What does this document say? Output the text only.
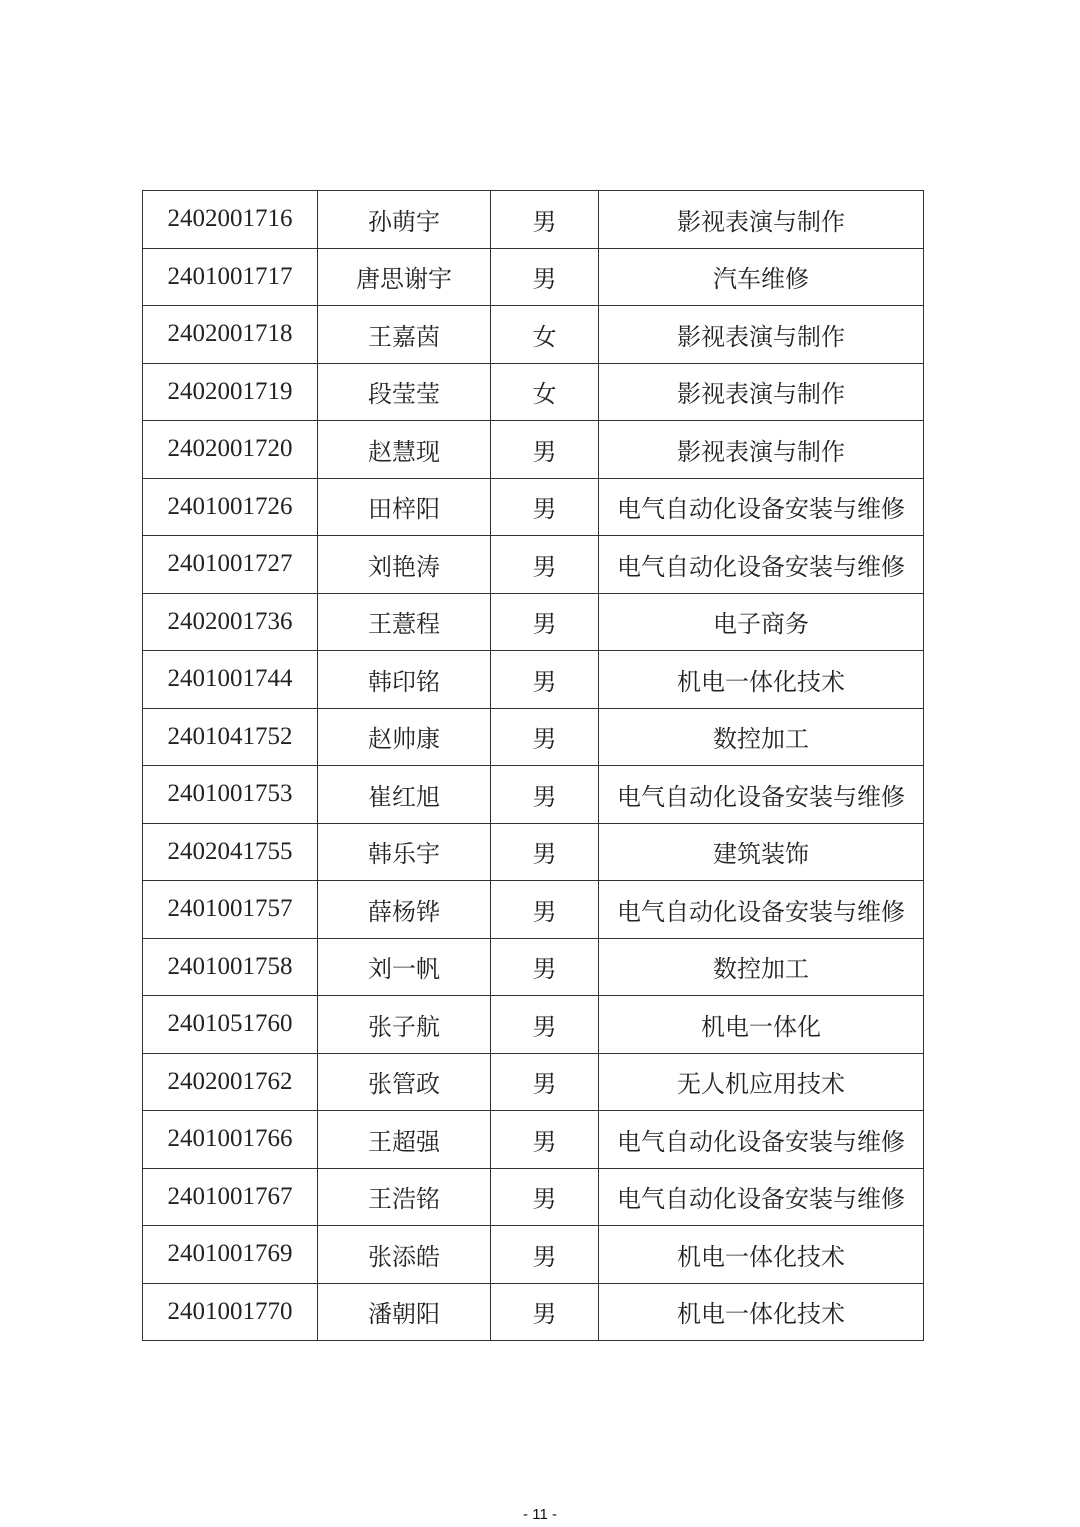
2402001716	孙萌宇	男	影视表演与制作
2401001717	唐思谢宇	男	汽车维修
2402001718	王嘉茵	女	影视表演与制作
2402001719	段莹莹	女	影视表演与制作
2402001720	赵慧现	男	影视表演与制作
2401001726	田梓阳	男	电气自动化设备安装与维修
2401001727	刘艳涛	男	电气自动化设备安装与维修
2402001736	王薏程	男	电子商务
2401001744	韩印铭	男	机电一体化技术
2401041752	赵帅康	男	数控加工
2401001753	崔红旭	男	电气自动化设备安装与维修
2402041755	韩乐宇	男	建筑装饰
2401001757	薛杨铧	男	电气自动化设备安装与维修
2401001758	刘一帆	男	数控加工
2401051760	张子航	男	机电一体化
2402001762	张管政	男	无人机应用技术
2401001766	王超强	男	电气自动化设备安装与维修
2401001767	王浩铭	男	电气自动化设备安装与维修
2401001769	张添皓	男	机电一体化技术
2401001770	潘朝阳	男	机电一体化技术
- 11 -
